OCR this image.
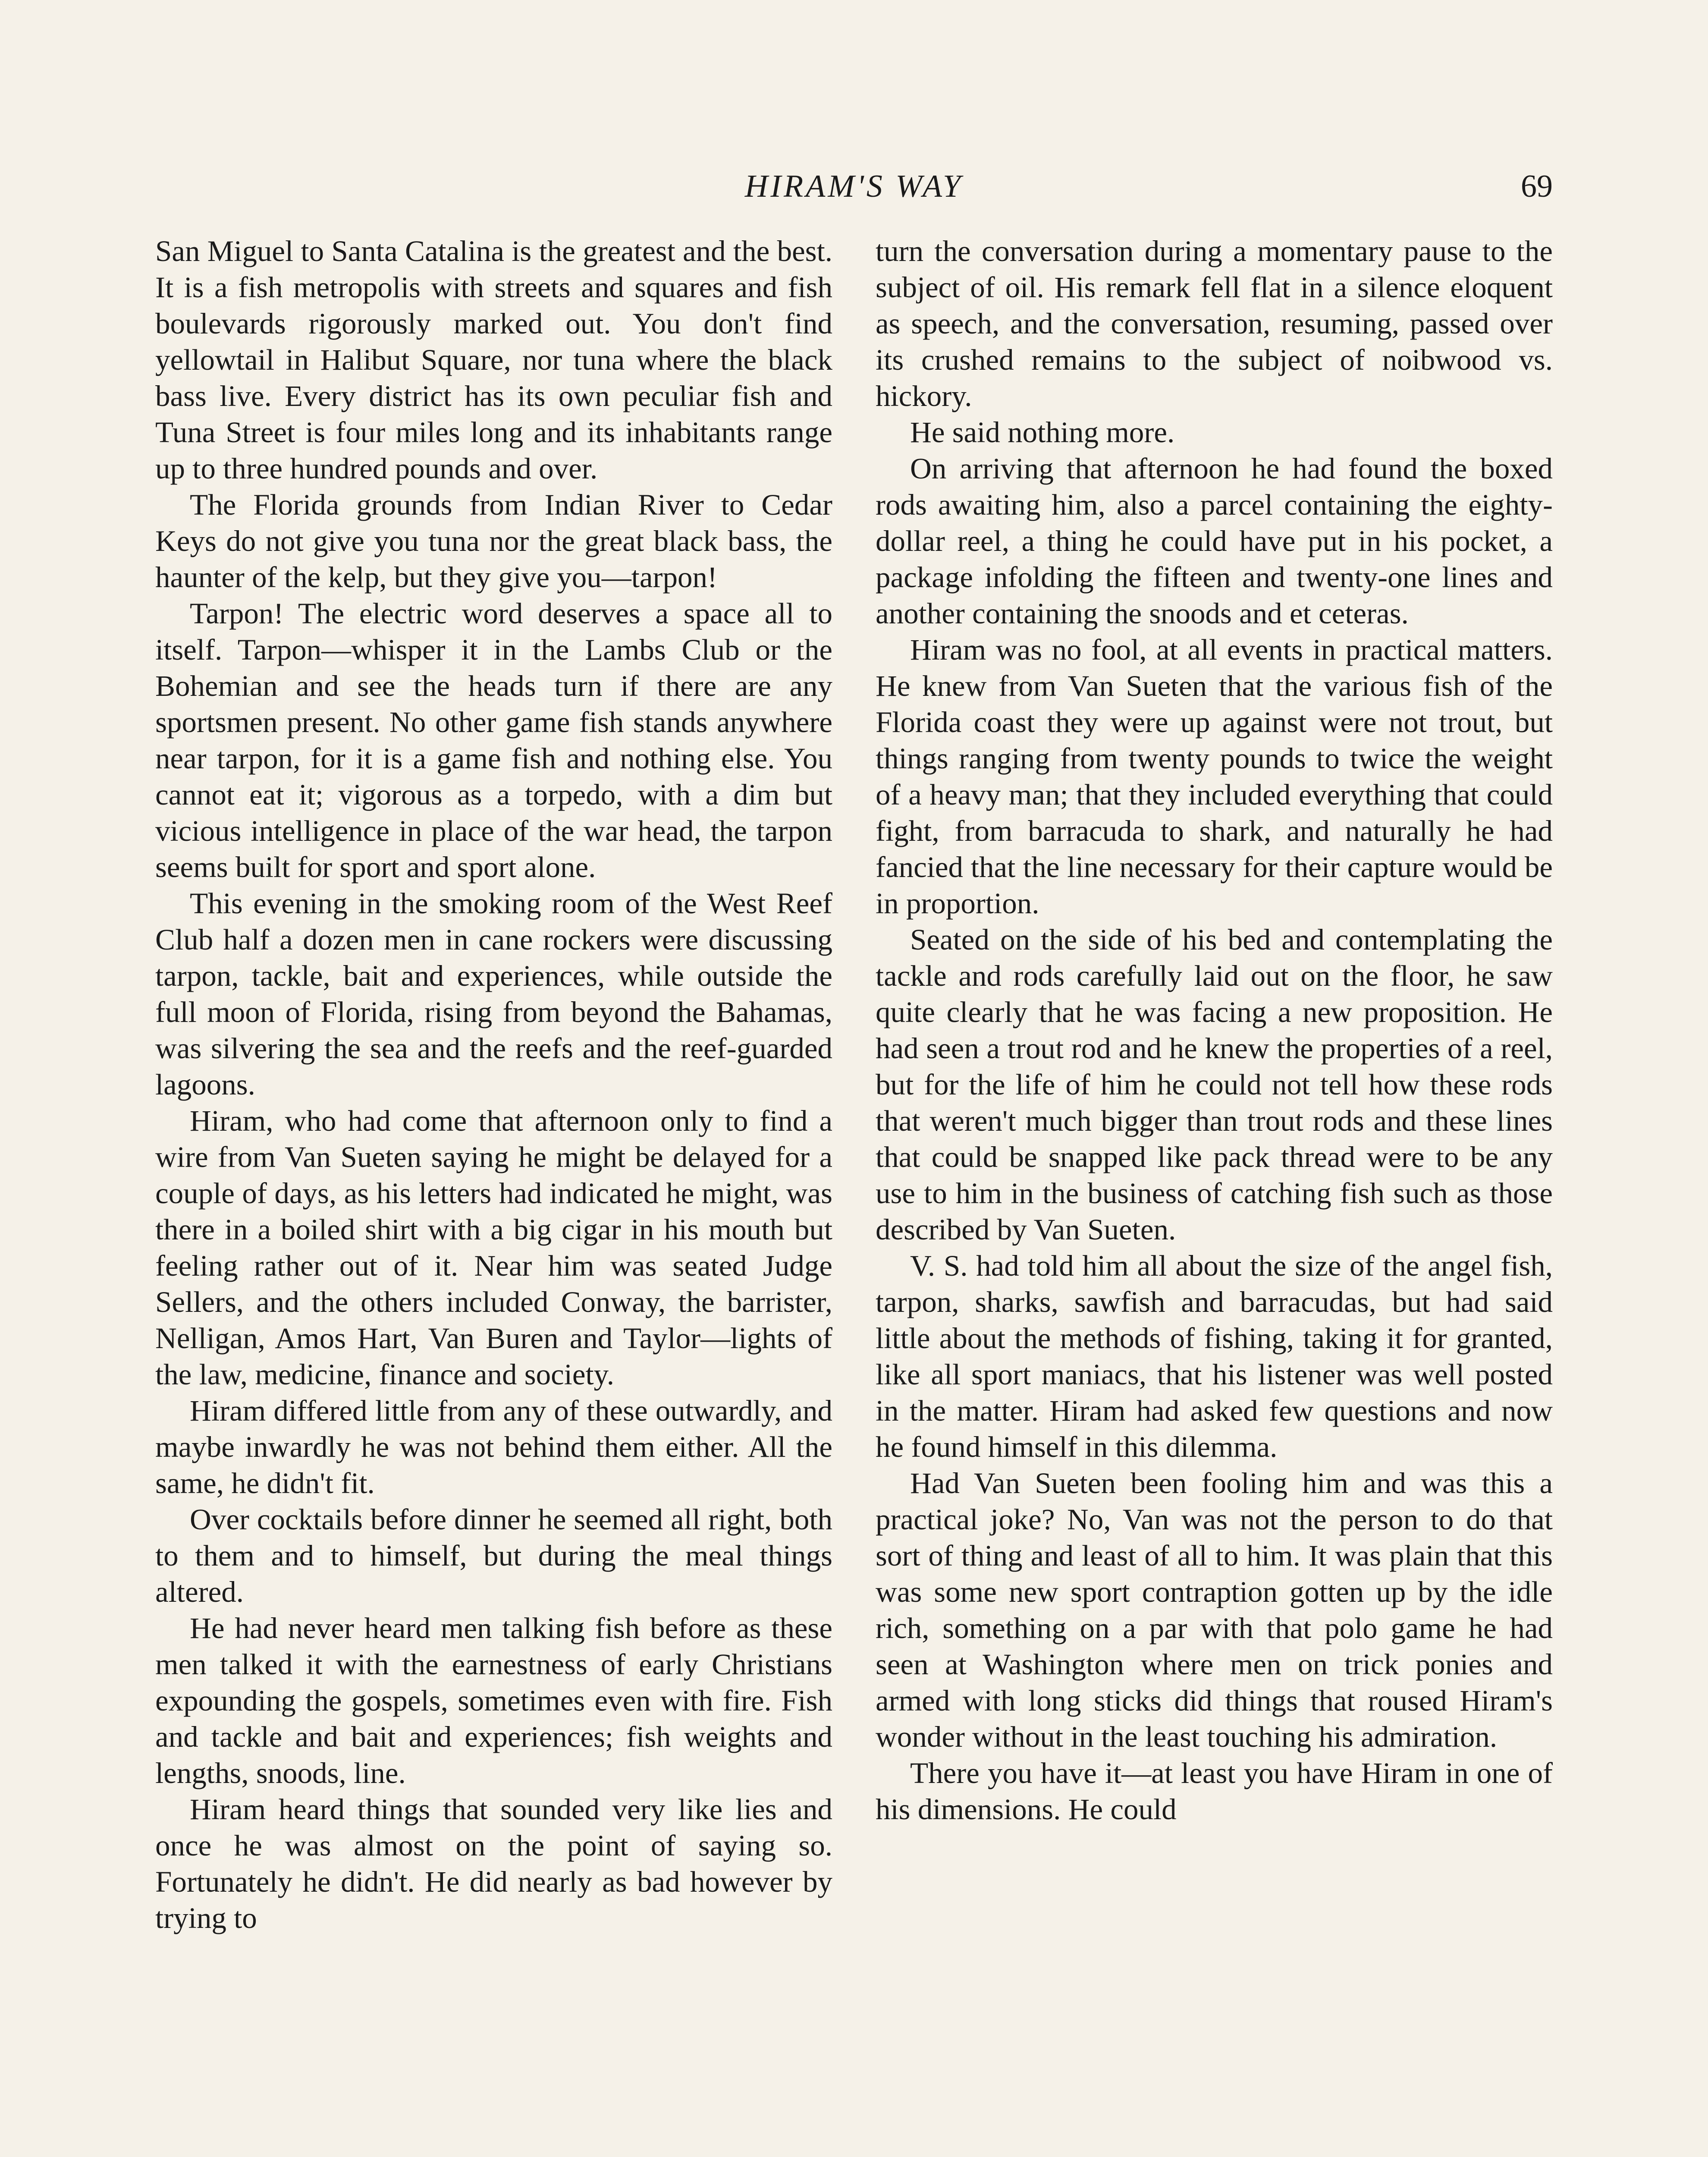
HIRAM'S WAY	69

San Miguel to Santa Catalina is the greatest and the best. It is a fish metropolis with streets and squares and fish boulevards rigorously marked out. You don't find yellowtail in Halibut Square, nor tuna where the black bass live. Every district has its own peculiar fish and Tuna Street is four miles long and its inhabitants range up to three hundred pounds and over.

The Florida grounds from Indian River to Cedar Keys do not give you tuna nor the great black bass, the haunter of the kelp, but they give you—tarpon!

Tarpon! The electric word deserves a space all to itself. Tarpon—whisper it in the Lambs Club or the Bohemian and see the heads turn if there are any sportsmen present. No other game fish stands anywhere near tarpon, for it is a game fish and nothing else. You cannot eat it; vigorous as a torpedo, with a dim but vicious intelligence in place of the war head, the tarpon seems built for sport and sport alone.

This evening in the smoking room of the West Reef Club half a dozen men in cane rockers were discussing tarpon, tackle, bait and experiences, while outside the full moon of Florida, rising from beyond the Bahamas, was silvering the sea and the reefs and the reef-guarded lagoons.

Hiram, who had come that afternoon only to find a wire from Van Sueten saying he might be delayed for a couple of days, as his letters had indicated he might, was there in a boiled shirt with a big cigar in his mouth but feeling rather out of it. Near him was seated Judge Sellers, and the others included Conway, the barrister, Nelligan, Amos Hart, Van Buren and Taylor—lights of the law, medicine, finance and society.

Hiram differed little from any of these outwardly, and maybe inwardly he was not behind them either. All the same, he didn't fit.

Over cocktails before dinner he seemed all right, both to them and to himself, but during the meal things altered.

He had never heard men talking fish before as these men talked it with the earnestness of early Christians expounding the gospels, sometimes even with fire. Fish and tackle and bait and experiences; fish weights and lengths, snoods, line.

Hiram heard things that sounded very like lies and once he was almost on the point of saying so. Fortunately he didn't. He did nearly as bad however by trying to

turn the conversation during a momentary pause to the subject of oil. His remark fell flat in a silence eloquent as speech, and the conversation, resuming, passed over its crushed remains to the subject of noibwood vs. hickory.

He said nothing more.

On arriving that afternoon he had found the boxed rods awaiting him, also a parcel containing the eighty-dollar reel, a thing he could have put in his pocket, a package infolding the fifteen and twenty-one lines and another containing the snoods and et ceteras.

Hiram was no fool, at all events in practical matters. He knew from Van Sueten that the various fish of the Florida coast they were up against were not trout, but things ranging from twenty pounds to twice the weight of a heavy man; that they included everything that could fight, from barracuda to shark, and naturally he had fancied that the line necessary for their capture would be in proportion.

Seated on the side of his bed and contemplating the tackle and rods carefully laid out on the floor, he saw quite clearly that he was facing a new proposition. He had seen a trout rod and he knew the properties of a reel, but for the life of him he could not tell how these rods that weren't much bigger than trout rods and these lines that could be snapped like pack thread were to be any use to him in the business of catching fish such as those described by Van Sueten.

V. S. had told him all about the size of the angel fish, tarpon, sharks, sawfish and barracudas, but had said little about the methods of fishing, taking it for granted, like all sport maniacs, that his listener was well posted in the matter. Hiram had asked few questions and now he found himself in this dilemma.

Had Van Sueten been fooling him and was this a practical joke? No, Van was not the person to do that sort of thing and least of all to him. It was plain that this was some new sport contraption gotten up by the idle rich, something on a par with that polo game he had seen at Washington where men on trick ponies and armed with long sticks did things that roused Hiram's wonder without in the least touching his admiration.

There you have it—at least you have Hiram in one of his dimensions. He could
